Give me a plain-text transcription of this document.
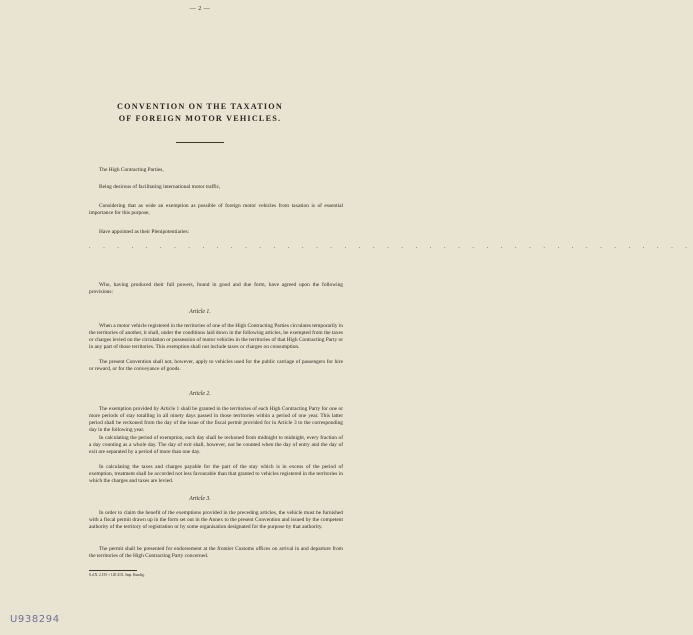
— 2 —
CONVENTION ON THE TAXATION
OF FOREIGN MOTOR VEHICLES.
The High Contracting Parties,
Being desirous of facilitating international motor traffic,
Considering that as wide an exemption as possible of foreign motor vehicles from taxation is of essential importance for this purpose,
Have appointed as their Plenipotentiaries:
. . . . . . . . . . . . . . . . . . . . . . . . . . . . . . . . . . . . . . . . . . .
Who, having produced their full powers, found in good and due form, have agreed upon the following provisions:
Article 1.
When a motor vehicle registered in the territories of one of the High Contracting Parties circulates temporarily in the territories of another, it shall, under the conditions laid down in the following articles, be exempted from the taxes or charges levied on the circulation or possession of motor vehicles in the territories of that High Contracting Party or in any part of those territories. This exemption shall not include taxes or charges on consumption.
The present Convention shall not, however, apply to vehicles used for the public carriage of passengers for hire or reward, or for the conveyance of goods.
Article 2.
The exemption provided by Article 1 shall be granted in the territories of each High Contracting Party for one or more periods of stay totalling in all ninety days passed in those territories within a period of one year. This latter period shall be reckoned from the day of the issue of the fiscal permit provided for in Article 3 to the corresponding day in the following year.
In calculating the period of exemption, each day shall be reckoned from midnight to midnight, every fraction of a day counting as a whole day. The day of exit shall, however, not be counted when the day of entry and the day of exit are separated by a period of more than one day.
In calculating the taxes and charges payable for the part of the stay which is in excess of the period of exemption, treatment shall be accorded not less favourable than that granted to vehicles registered in the territories in which the charges and taxes are levied.
Article 3.
In order to claim the benefit of the exemptions provided in the preceding articles, the vehicle must be furnished with a fiscal permit drawn up in the form set out in the Annex to the present Convention and issued by the competent authority of the territory of registration or by some organisation designated for the purpose by that authority.
The permit shall be presented for endorsement at the frontier Customs offices on arrival in and departure from the territories of the High Contracting Party concerned.
S.d.N. 2.155 + 120 4/31. Imp. Kundig.
U938294
